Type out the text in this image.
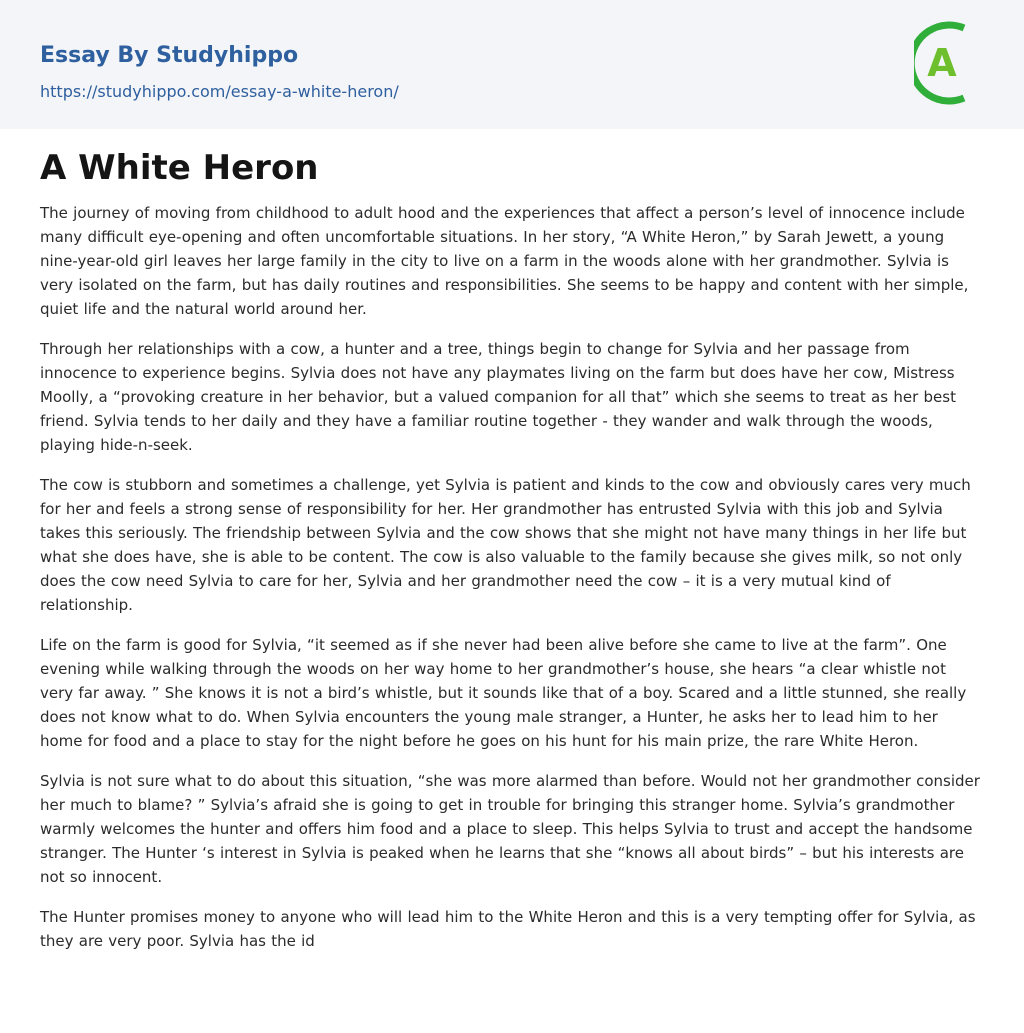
Essay By Studyhippo
https://studyhippo.com/essay-a-white-heron/
A
A White Heron

The journey of moving from childhood to adult hood and the experiences that affect a person’s level of innocence include many difficult eye-opening and often uncomfortable situations. In her story, “A White Heron,” by Sarah Jewett, a young nine-year-old girl leaves her large family in the city to live on a farm in the woods alone with her grandmother. Sylvia is very isolated on the farm, but has daily routines and responsibilities. She seems to be happy and content with her simple, quiet life and the natural world around her.

Through her relationships with a cow, a hunter and a tree, things begin to change for Sylvia and her passage from innocence to experience begins. Sylvia does not have any playmates living on the farm but does have her cow, Mistress Moolly, a “provoking creature in her behavior, but a valued companion for all that” which she seems to treat as her best friend. Sylvia tends to her daily and they have a familiar routine together - they wander and walk through the woods, playing hide-n-seek.

The cow is stubborn and sometimes a challenge, yet Sylvia is patient and kinds to the cow and obviously cares very much for her and feels a strong sense of responsibility for her. Her grandmother has entrusted Sylvia with this job and Sylvia takes this seriously. The friendship between Sylvia and the cow shows that she might not have many things in her life but what she does have, she is able to be content. The cow is also valuable to the family because she gives milk, so not only does the cow need Sylvia to care for her, Sylvia and her grandmother need the cow – it is a very mutual kind of relationship.

Life on the farm is good for Sylvia, “it seemed as if she never had been alive before she came to live at the farm”. One evening while walking through the woods on her way home to her grandmother’s house, she hears “a clear whistle not very far away. ” She knows it is not a bird’s whistle, but it sounds like that of a boy. Scared and a little stunned, she really does not know what to do. When Sylvia encounters the young male stranger, a Hunter, he asks her to lead him to her home for food and a place to stay for the night before he goes on his hunt for his main prize, the rare White Heron.

Sylvia is not sure what to do about this situation, “she was more alarmed than before. Would not her grandmother consider her much to blame? ” Sylvia’s afraid she is going to get in trouble for bringing this stranger home. Sylvia’s grandmother warmly welcomes the hunter and offers him food and a place to sleep. This helps Sylvia to trust and accept the handsome stranger. The Hunter ‘s interest in Sylvia is peaked when he learns that she “knows all about birds” – but his interests are not so innocent.

The Hunter promises money to anyone who will lead him to the White Heron and this is a very tempting offer for Sylvia, as they are very poor. Sylvia has the id
